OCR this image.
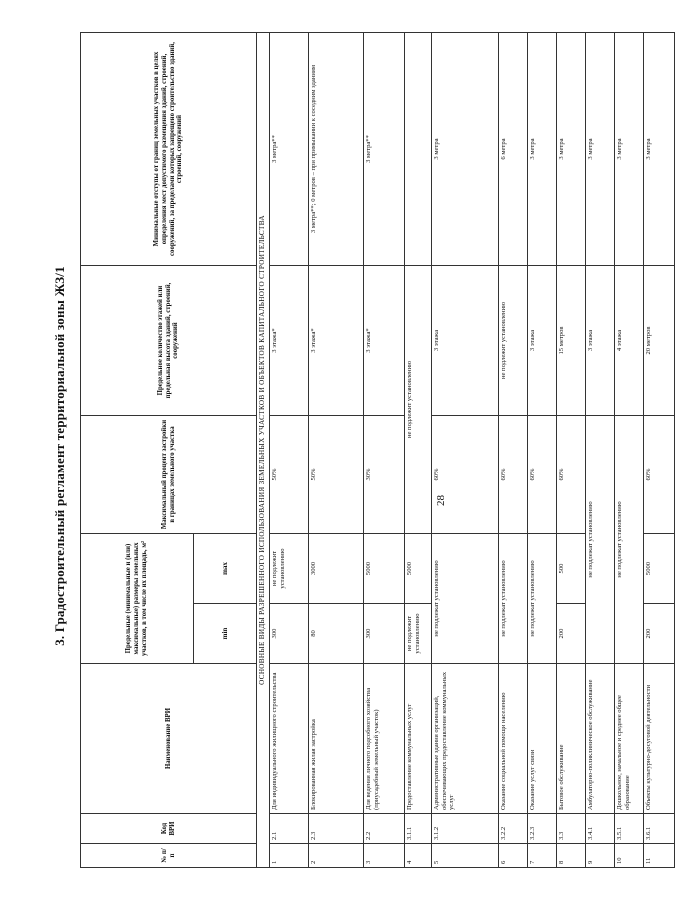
28
3. Градостроительный регламент территориальной зоны ЖЗ/1
№ п/п	Код ВРИ	Наименование ВРИ	Предельные (минимальные и (или) максимальные) размеры земельных участков, в том числе их площадь, м²		Максимальный процент застройки в границах земельного участка	Предельное количество этажей или предельная высота зданий, строений, сооружений	Минимальные отступы от границ земельных участков в целях определения мест допустимого размещения зданий, строений, сооружений, за пределами которых запрещено строительство зданий, строений, сооружений
			min	max			
ОСНОВНЫЕ ВИДЫ РАЗРЕШЕННОГО ИСПОЛЬЗОВАНИЯ ЗЕМЕЛЬНЫХ УЧАСТКОВ И ОБЪЕКТОВ КАПИТАЛЬНОГО СТРОИТЕЛЬСТВА							
1	2.1	Для индивидуального жилищного строительства	300	не подлежит установлению	50%	3 этажа*	3 метра**
2	2.3	Блокированная жилая застройка	80	3000	50%	3 этажа*	3 метра**; 0 метров – при примыкании к соседним зданиям
3	2.2	Для ведения личного подсобного хозяйства (приусадебный земельный участок)	300	5000	30%	3 этажа*	3 метра**
4	3.1.1	Предоставление коммунальных услуг	не подлежит установлению	5000	не подлежит установлению		
5	3.1.2	Административные здания организаций, обеспечивающих предоставление коммунальных услуг	не подлежат установлению		60%	3 этажа	3 метра
6	3.2.2	Оказание социальной помощи населению	не подлежат установлению		60%	не подлежит установлению	6 метра
7	3.2.3	Оказание услуг связи	не подлежат установлению		60%	3 этажа	3 метра
8	3.3	Бытовое обслуживание	200	500	60%	15 метров	3 метра
9	3.4.1	Амбулаторно-поликлиническое обслуживание	не подлежат установлению			3 этажа	3 метра
10	3.5.1	Дошкольное, начальное и среднее общее образование	не подлежат установлению			4 этажа	3 метра
11	3.6.1	Объекты культурно-досуговой деятельности	200	5000	60%	20 метров	3 метра
